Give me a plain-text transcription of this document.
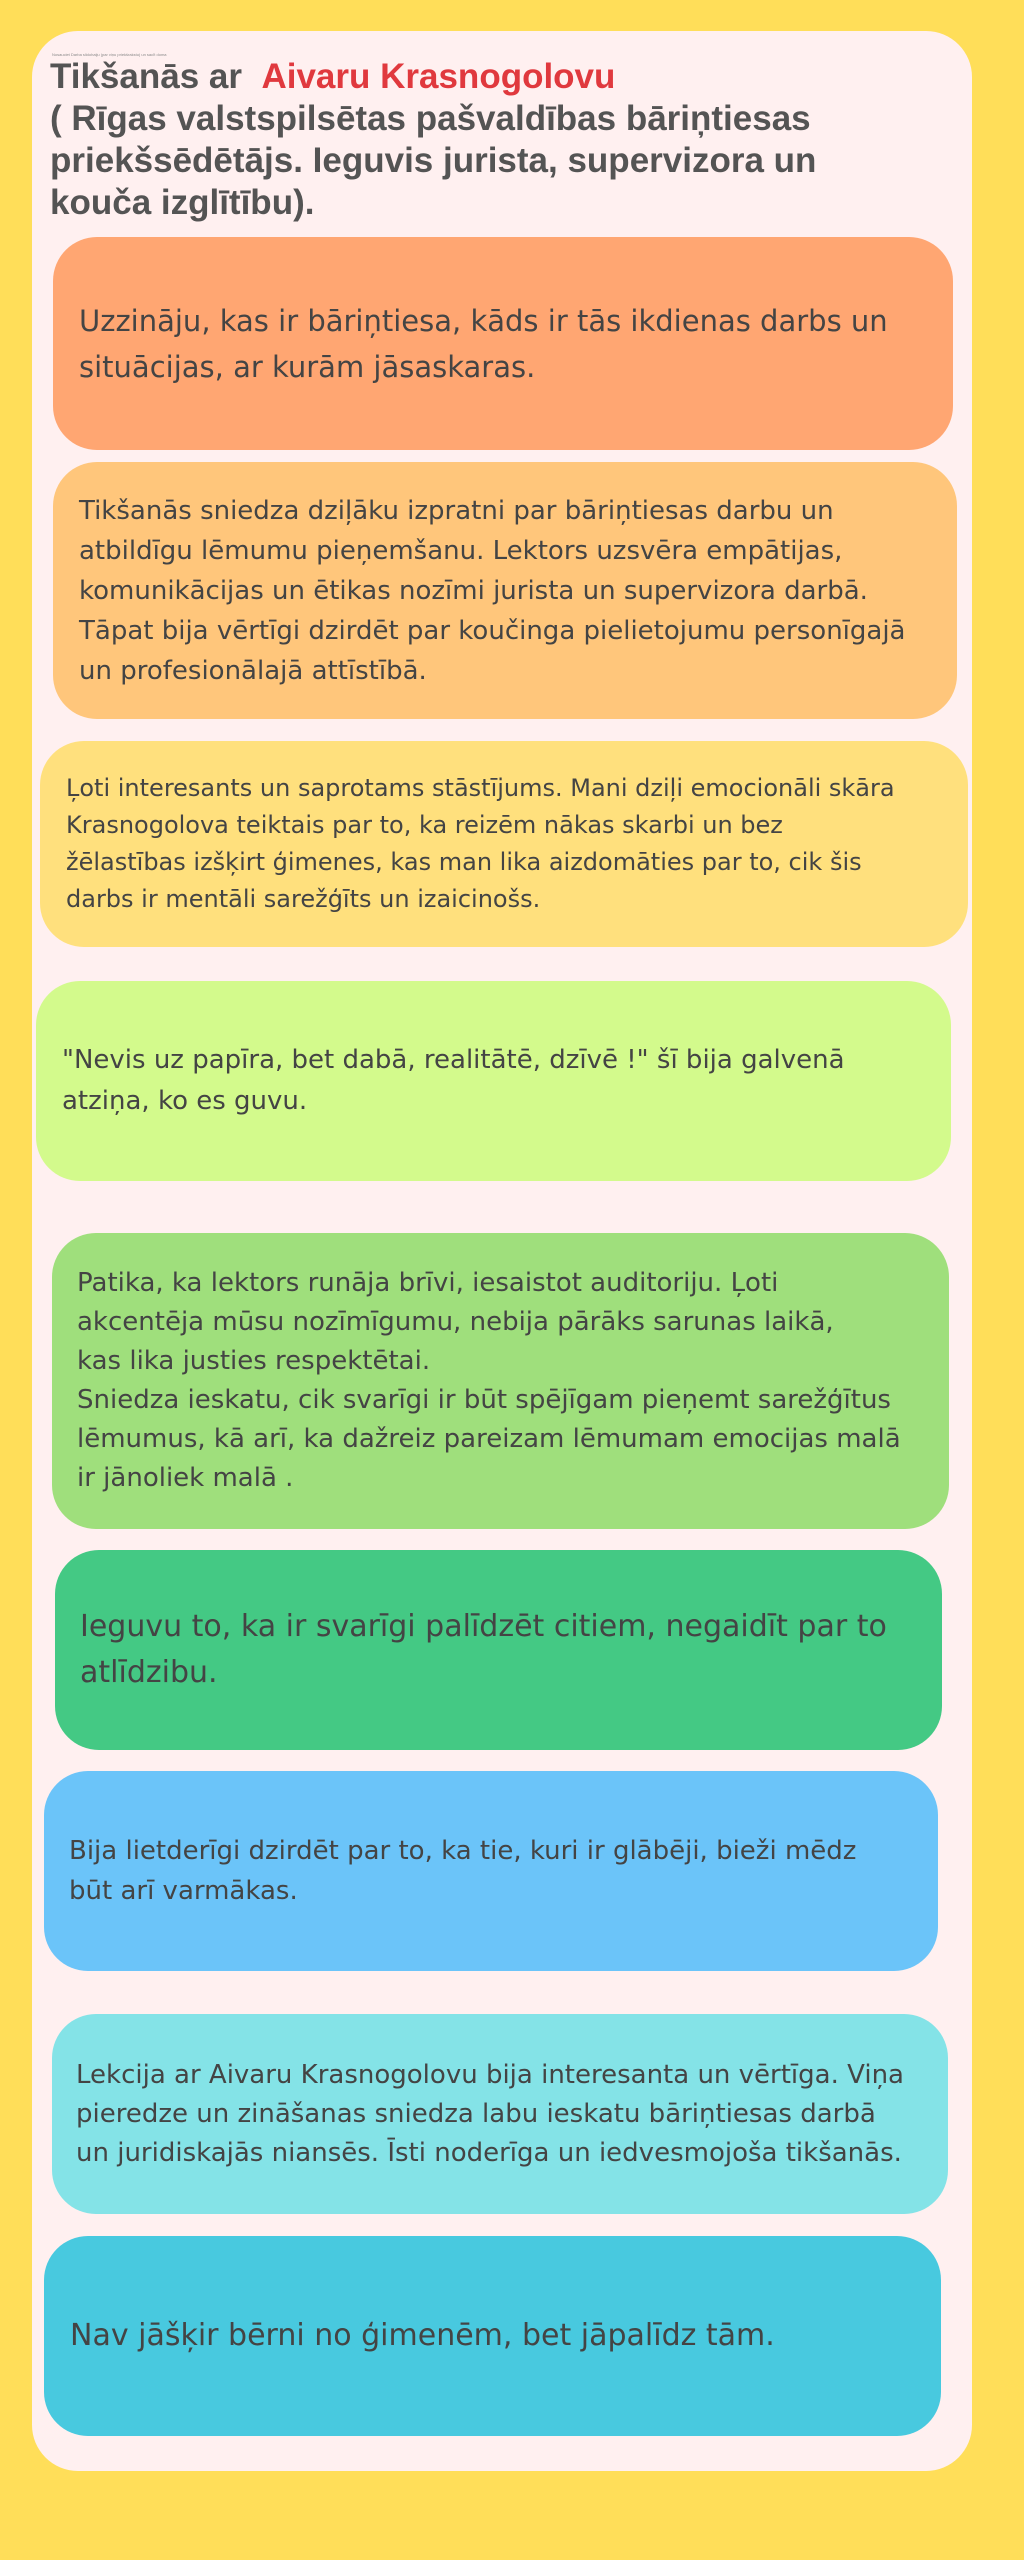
Nosauciet Darba slidohaiju (par viņu priekšrakstu) un sacīt doma
Tikšanās ar Aivaru Krasnogolovu
( Rīgas valstspilsētas pašvaldības bāriņtiesas
priekšsēdētājs. Ieguvis jurista, supervizora un
kouča izglītību).
Uzzināju, kas ir bāriņtiesa, kāds ir tās ikdienas darbs un
situācijas, ar kurām jāsaskaras.
Tikšanās sniedza dziļāku izpratni par bāriņtiesas darbu un
atbildīgu lēmumu pieņemšanu. Lektors uzsvēra empātijas,
komunikācijas un ētikas nozīmi jurista un supervizora darbā.
Tāpat bija vērtīgi dzirdēt par koučinga pielietojumu personīgajā
un profesionālajā attīstībā.
Ļoti interesants un saprotams stāstījums. Mani dziļi emocionāli skāra
Krasnogolova teiktais par to, ka reizēm nākas skarbi un bez
žēlastības izšķirt ģimenes, kas man lika aizdomāties par to, cik šis
darbs ir mentāli sarežģīts un izaicinošs.
"Nevis uz papīra, bet dabā, realitātē, dzīvē !" šī bija galvenā
atziņa, ko es guvu.
Patika, ka lektors runāja brīvi, iesaistot auditoriju. Ļoti
akcentēja mūsu nozīmīgumu, nebija pārāks sarunas laikā,
kas lika justies respektētai.
Sniedza ieskatu, cik svarīgi ir būt spējīgam pieņemt sarežģītus
lēmumus, kā arī, ka dažreiz pareizam lēmumam emocijas malā
ir jānoliek malā .
Ieguvu to, ka ir svarīgi palīdzēt citiem, negaidīt par to
atlīdzibu.
Bija lietderīgi dzirdēt par to, ka tie, kuri ir glābēji, bieži mēdz
būt arī varmākas.
Lekcija ar Aivaru Krasnogolovu bija interesanta un vērtīga. Viņa
pieredze un zināšanas sniedza labu ieskatu bāriņtiesas darbā
un juridiskajās niansēs. Īsti noderīga un iedvesmojoša tikšanās.
Nav jāšķir bērni no ģimenēm, bet jāpalīdz tām.
